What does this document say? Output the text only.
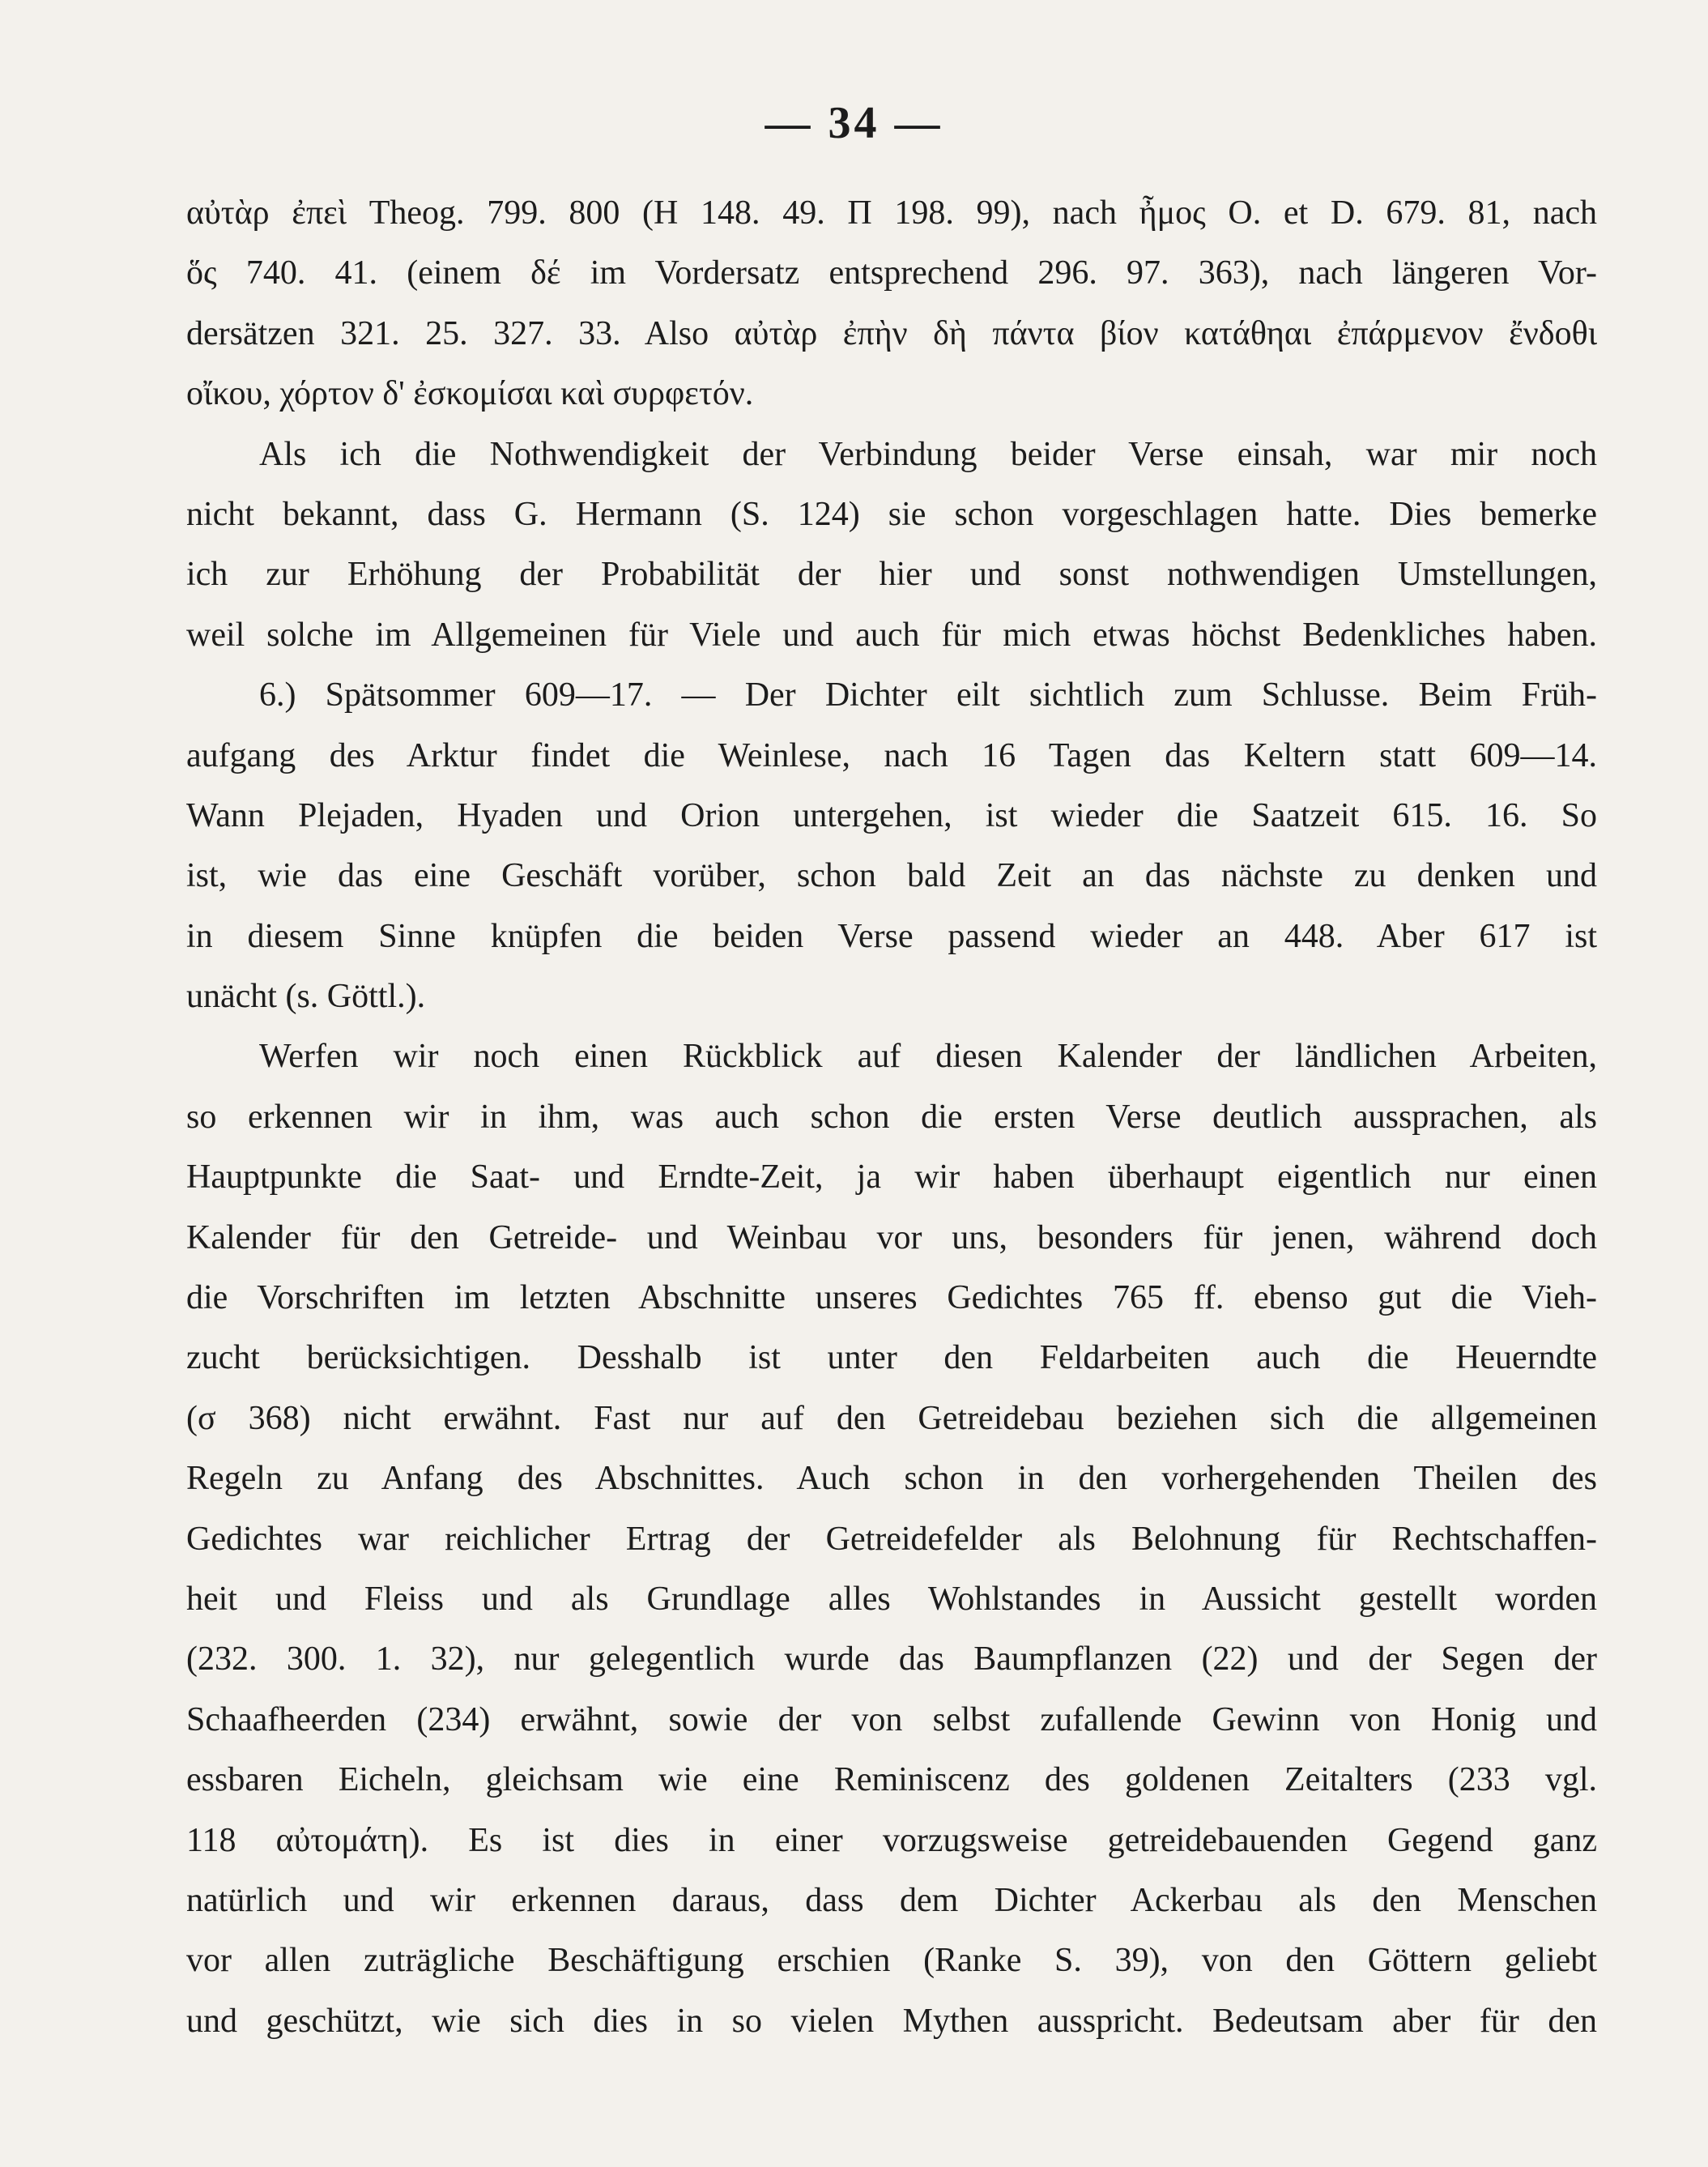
— 34 —
αὐτὰρ ἐπεὶ Theog. 799. 800 (H 148. 49. Π 198. 99), nach ἦμος O. et D. 679. 81, nach
ὅς 740. 41. (einem δέ im Vordersatz entsprechend 296. 97. 363), nach längeren Vor-
dersätzen 321. 25. 327. 33. Also αὐτὰρ ἐπὴν δὴ πάντα βίον κατάθηαι ἐπάρμενον ἔνδοθι
οἴκου, χόρτον δ' ἐσκομίσαι καὶ συρφετόν.
Als ich die Nothwendigkeit der Verbindung beider Verse einsah, war mir noch
nicht bekannt, dass G. Hermann (S. 124) sie schon vorgeschlagen hatte. Dies bemerke
ich zur Erhöhung der Probabilität der hier und sonst nothwendigen Umstellungen,
weil solche im Allgemeinen für Viele und auch für mich etwas höchst Bedenkliches haben.
6.) Spätsommer 609—17. — Der Dichter eilt sichtlich zum Schlusse. Beim Früh-
aufgang des Arktur findet die Weinlese, nach 16 Tagen das Keltern statt 609—14.
Wann Plejaden, Hyaden und Orion untergehen, ist wieder die Saatzeit 615. 16. So
ist, wie das eine Geschäft vorüber, schon bald Zeit an das nächste zu denken und
in diesem Sinne knüpfen die beiden Verse passend wieder an 448. Aber 617 ist
unächt (s. Göttl.).
Werfen wir noch einen Rückblick auf diesen Kalender der ländlichen Arbeiten,
so erkennen wir in ihm, was auch schon die ersten Verse deutlich aussprachen, als
Hauptpunkte die Saat- und Erndte-Zeit, ja wir haben überhaupt eigentlich nur einen
Kalender für den Getreide- und Weinbau vor uns, besonders für jenen, während doch
die Vorschriften im letzten Abschnitte unseres Gedichtes 765 ff. ebenso gut die Vieh-
zucht berücksichtigen. Desshalb ist unter den Feldarbeiten auch die Heuerndte
(σ 368) nicht erwähnt. Fast nur auf den Getreidebau beziehen sich die allgemeinen
Regeln zu Anfang des Abschnittes. Auch schon in den vorhergehenden Theilen des
Gedichtes war reichlicher Ertrag der Getreidefelder als Belohnung für Rechtschaffen-
heit und Fleiss und als Grundlage alles Wohlstandes in Aussicht gestellt worden
(232. 300. 1. 32), nur gelegentlich wurde das Baumpflanzen (22) und der Segen der
Schaafheerden (234) erwähnt, sowie der von selbst zufallende Gewinn von Honig und
essbaren Eicheln, gleichsam wie eine Reminiscenz des goldenen Zeitalters (233 vgl.
118 αὐτομάτη). Es ist dies in einer vorzugsweise getreidebauenden Gegend ganz
natürlich und wir erkennen daraus, dass dem Dichter Ackerbau als den Menschen
vor allen zuträgliche Beschäftigung erschien (Ranke S. 39), von den Göttern geliebt
und geschützt, wie sich dies in so vielen Mythen ausspricht. Bedeutsam aber für den
